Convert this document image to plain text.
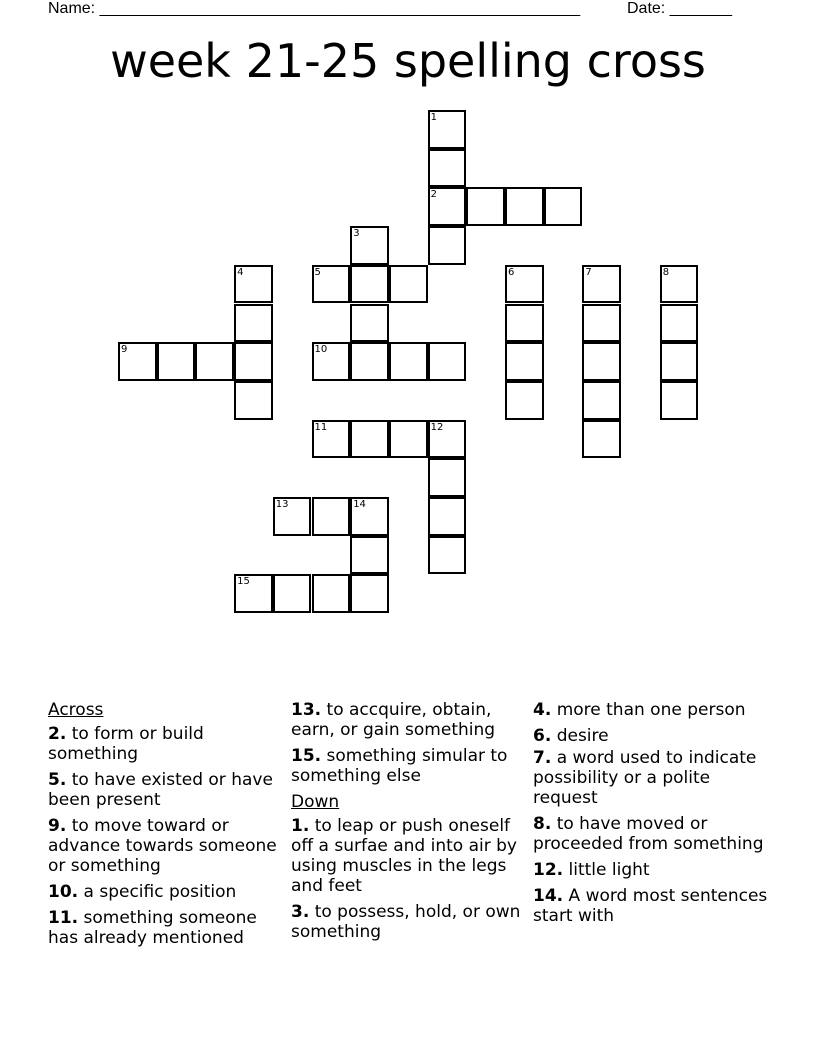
Name: ______________________________________________________	Date: _______
week 21-25 spelling cross
1
2
3
4	5	6	7	8
9	10
11	12
13	14
15
Across
2. to form or build something
5. to have existed or have been present
9. to move toward or advance towards someone or something
10. a specific position
11. something someone has already mentioned
13. to accquire, obtain, earn, or gain something
15. something simular to something else
Down
1. to leap or push oneself off a surfae and into air by using muscles in the legs and feet
3. to possess, hold, or own something
4. more than one person
6. desire
7. a word used to indicate possibility or a polite request
8. to have moved or proceeded from something
12. little light
14. A word most sentences start with
